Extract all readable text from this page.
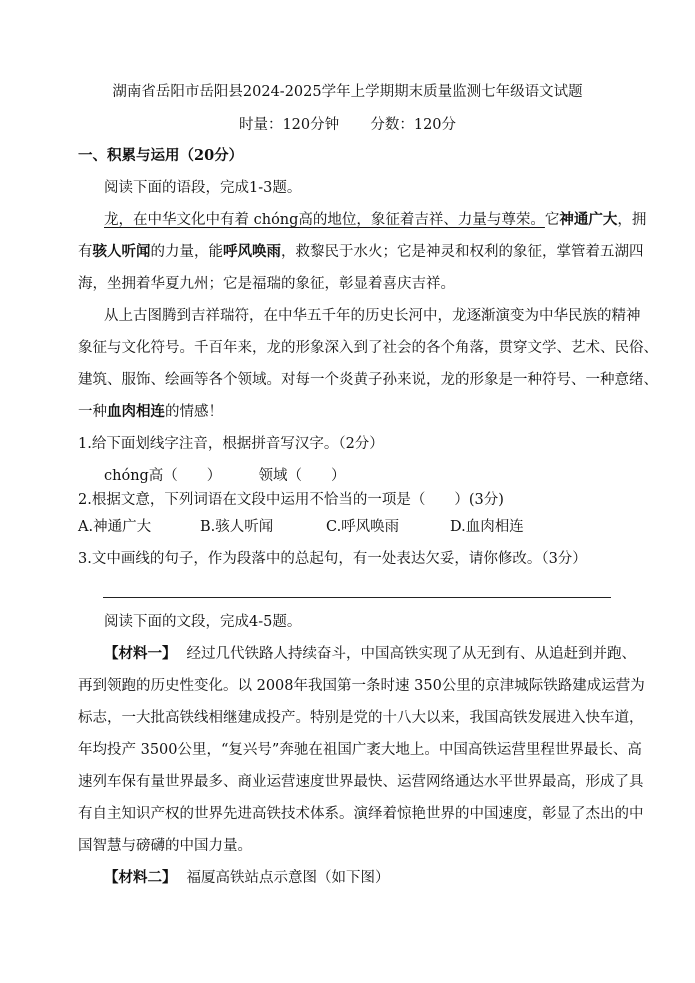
湖南省岳阳市岳阳县2024-2025学年上学期期末质量监测七年级语文试题
时量：120分钟 分数：120分
一、积累与运用（20分）
阅读下面的语段，完成1-3题。
龙，在中华文化中有着 chóng高的地位，象征着吉祥、力量与尊荣。它神通广大，拥
有骇人听闻的力量，能呼风唤雨，救黎民于水火；它是神灵和权利的象征，掌管着五湖四
海，坐拥着华夏九州；它是福瑞的象征，彰显着喜庆吉祥。
从上古图腾到吉祥瑞符，在中华五千年的历史长河中，龙逐渐演变为中华民族的精神
象征与文化符号。千百年来，龙的形象深入到了社会的各个角落，贯穿文学、艺术、民俗、
建筑、服饰、绘画等各个领域。对每一个炎黄子孙来说，龙的形象是一种符号、一种意绪、
一种血肉相连的情感！
1.给下面划线字注音，根据拼音写汉字。（2分）
chóng高（　　）	领域（　　）
2.根据文意，下列词语在文段中运用不恰当的一项是（　　）(3分)
A.神通广大	B.骇人听闻	C.呼风唤雨	D.血肉相连
3.文中画线的句子，作为段落中的总起句，有一处表达欠妥，请你修改。（3分）
阅读下面的文段，完成4-5题。
【材料一】 经过几代铁路人持续奋斗，中国高铁实现了从无到有、从追赶到并跑、
再到领跑的历史性变化。以 2008年我国第一条时速 350公里的京津城际铁路建成运营为
标志，一大批高铁线相继建成投产。特别是党的十八大以来，我国高铁发展进入快车道，
年均投产 3500公里，“复兴号”奔驰在祖国广袤大地上。中国高铁运营里程世界最长、高
速列车保有量世界最多、商业运营速度世界最快、运营网络通达水平世界最高，形成了具
有自主知识产权的世界先进高铁技术体系。演绎着惊艳世界的中国速度，彰显了杰出的中
国智慧与磅礴的中国力量。
【材料二】 福厦高铁站点示意图（如下图）
